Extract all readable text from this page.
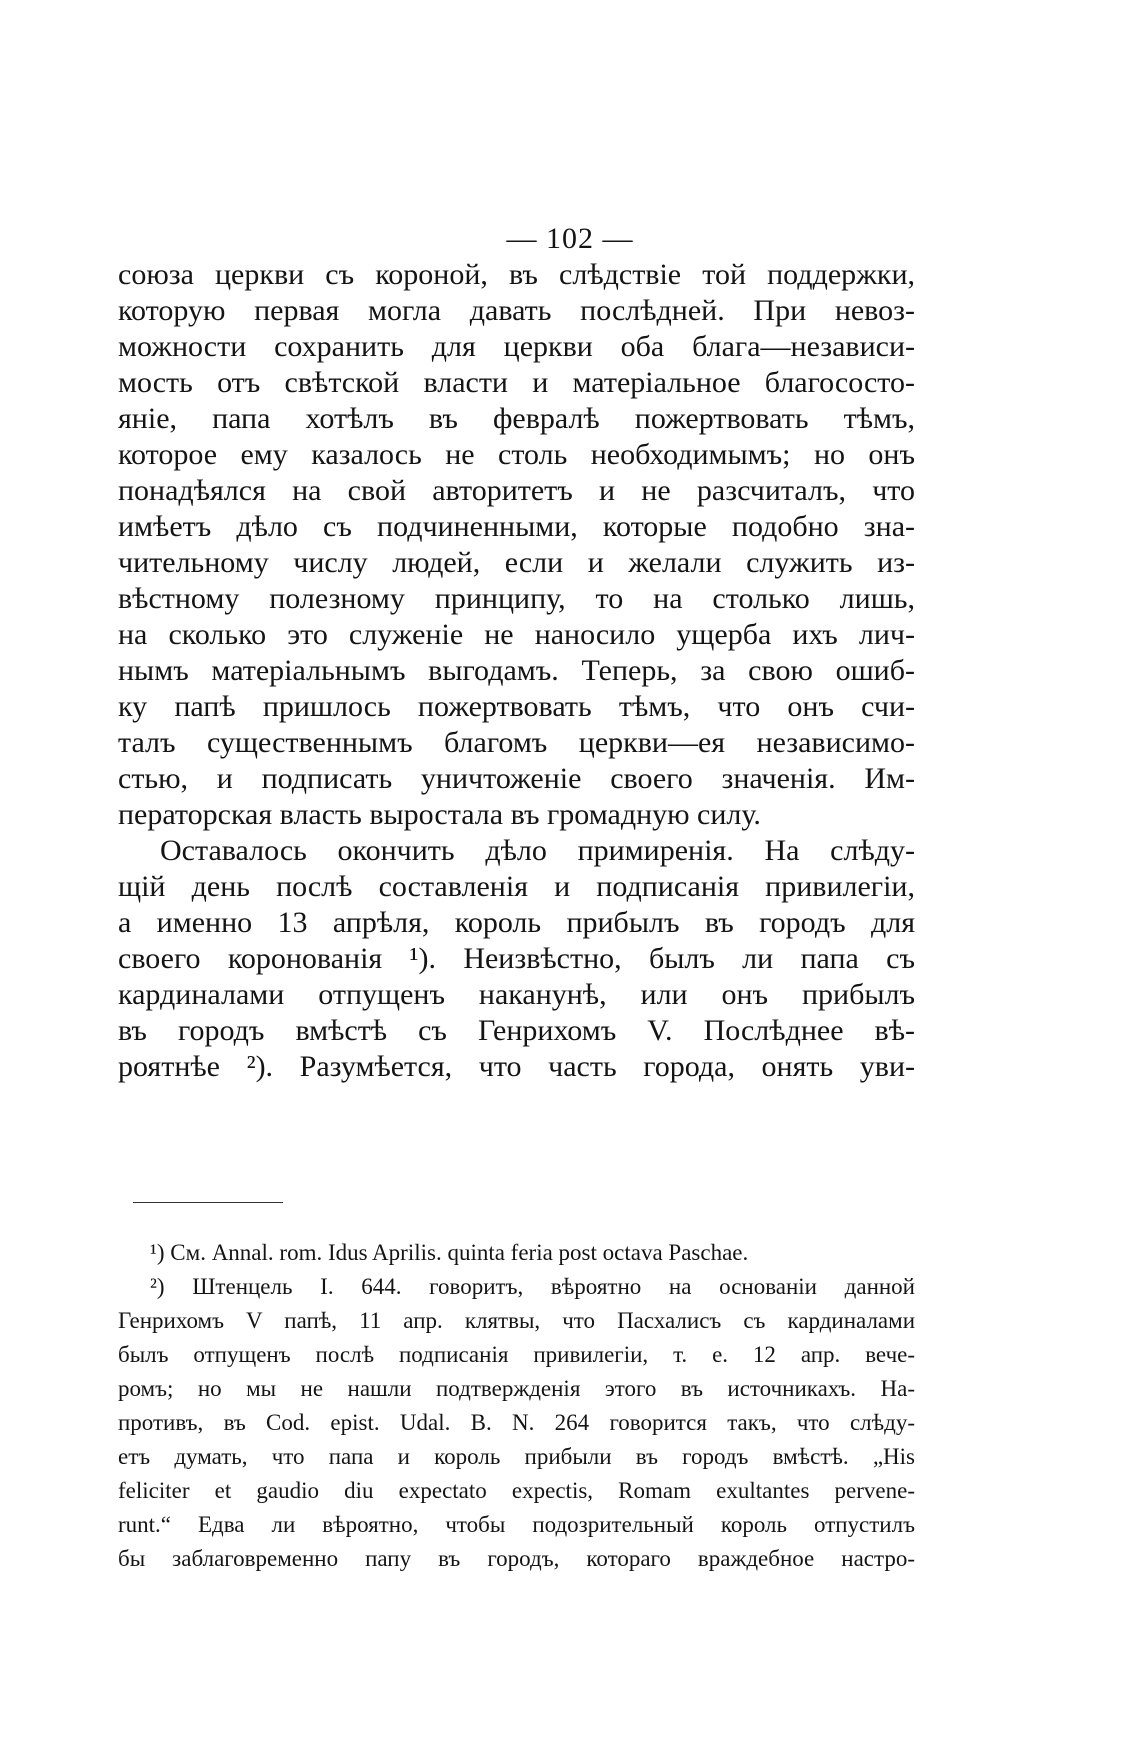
— 102 —
союза церкви съ короной, въ слѣдствіе той поддержки,
которую первая могла давать послѣдней. При невоз-
можности сохранить для церкви оба блага—независи-
мость отъ свѣтской власти и матеріальное благососто-
яніе, папа хотѣлъ въ февралѣ пожертвовать тѣмъ,
которое ему казалось не столь необходимымъ; но онъ
понадѣялся на свой авторитетъ и не разсчиталъ, что
имѣетъ дѣло съ подчиненными, которые подобно зна-
чительному числу людей, если и желали служить из-
вѣстному полезному принципу, то на столько лишь,
на сколько это служеніе не наносило ущерба ихъ лич-
нымъ матеріальнымъ выгодамъ. Теперь, за свою ошиб-
ку папѣ пришлось пожертвовать тѣмъ, что онъ счи-
талъ существеннымъ благомъ церкви—ея независимо-
стью, и подписать уничтоженіе своего значенія. Им-
ператорская власть выростала въ громадную силу.
Оставалось окончить дѣло примиренія. На слѣду-
щій день послѣ составленія и подписанія привилегіи,
а именно 13 апрѣля, король прибылъ въ городъ для
своего коронованія ¹). Неизвѣстно, былъ ли папа съ
кардиналами отпущенъ наканунѣ, или онъ прибылъ
въ городъ вмѣстѣ съ Генрихомъ V. Послѣднее вѣ-
роятнѣе ²). Разумѣется, что часть города, онять уви-
¹) См. Annal. rom. Idus Aprilis. quinta feria post octava Paschae.
²) Штенцель I. 644. говоритъ, вѣроятно на основаніи данной
Генрихомъ V папѣ, 11 апр. клятвы, что Пасхалисъ съ кардиналами
былъ отпущенъ послѣ подписанія привилегіи, т. е. 12 апр. вече-
ромъ; но мы не нашли подтвержденія этого въ источникахъ. На-
противъ, въ Cod. epist. Udal. B. N. 264 говорится такъ, что слѣду-
етъ думать, что папа и король прибыли въ городъ вмѣстѣ. „His
feliciter et gaudio diu expectato expectis, Romam exultantes pervene-
runt.“ Едва ли вѣроятно, чтобы подозрительный король отпустилъ
бы заблаговременно папу въ городъ, котораго враждебное настро-
